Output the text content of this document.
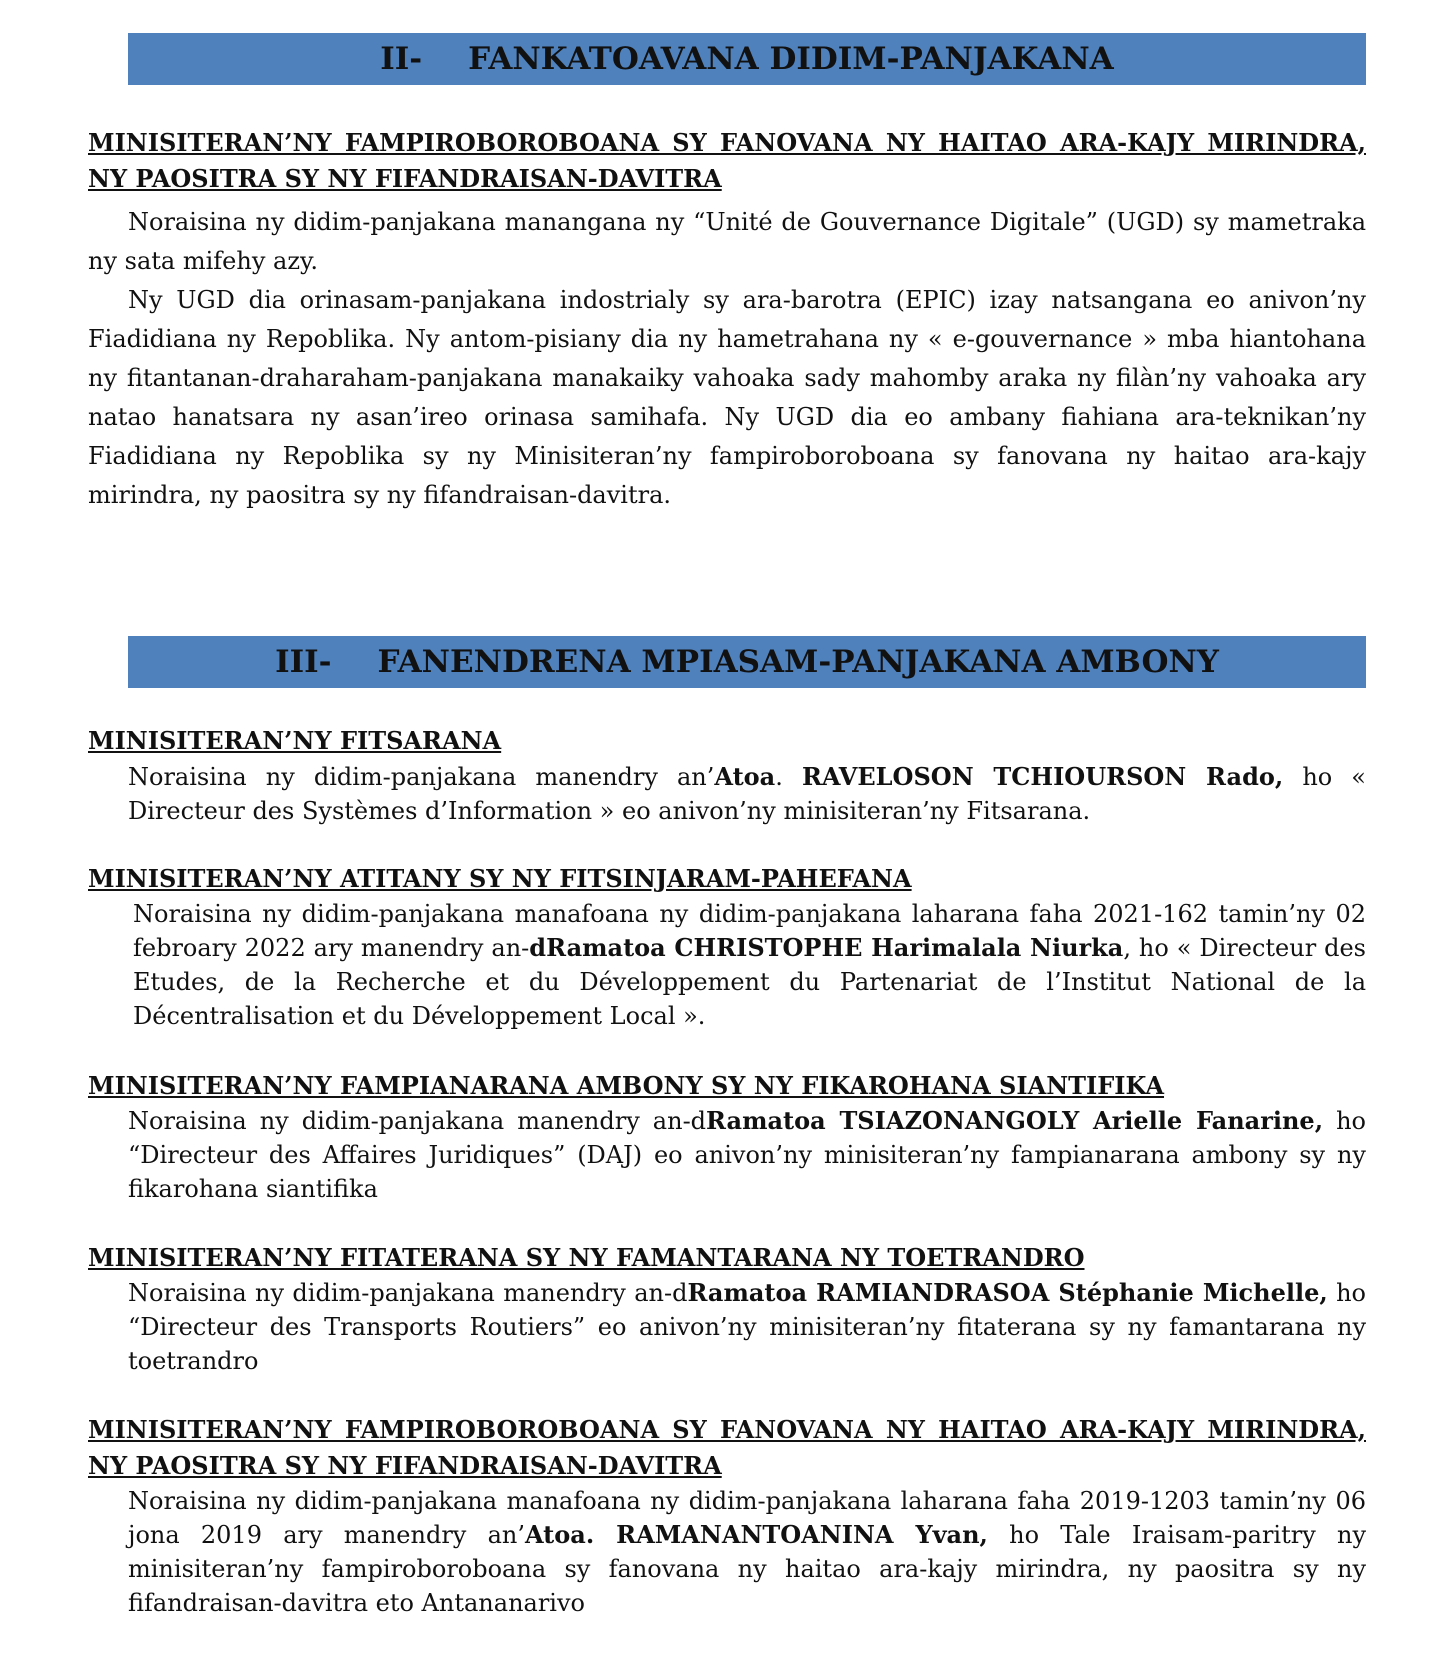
II- FANKATOAVANA DIDIM-PANJAKANA
MINISITERAN’NY FAMPIROBOROBOANA SY FANOVANA NY HAITAO ARA-KAJY MIRINDRA, NY PAOSITRA SY NY FIFANDRAISAN-DAVITRA

Noraisina ny didim-panjakana manangana ny “Unité de Gouvernance Digitale” (UGD) sy mametraka ny sata mifehy azy.

Ny UGD dia orinasam-panjakana indostrialy sy ara-barotra (EPIC) izay natsangana eo anivon’ny Fiadidiana ny Repoblika. Ny antom-pisiany dia ny hametrahana ny « e-gouvernance » mba hiantohana ny fitantanan-draharaham-panjakana manakaiky vahoaka sady mahomby araka ny filàn’ny vahoaka ary natao hanatsara ny asan’ireo orinasa samihafa. Ny UGD dia eo ambany fiahiana ara-teknikan’ny Fiadidiana ny Repoblika sy ny Minisiteran’ny fampiroboroboana sy fanovana ny haitao ara-kajy mirindra, ny paositra sy ny fifandraisan-davitra.

III- FANENDRENA MPIASAM-PANJAKANA AMBONY
MINISITERAN’NY FITSARANA

Noraisina ny didim-panjakana manendry an’Atoa. RAVELOSON TCHIOURSON Rado, ho « Directeur des Systèmes d’Information » eo anivon’ny minisiteran’ny Fitsarana.

MINISITERAN’NY ATITANY SY NY FITSINJARAM-PAHEFANA

Noraisina ny didim-panjakana manafoana ny didim-panjakana laharana faha 2021-162 tamin’ny 02 febroary 2022 ary manendry an-dRamatoa CHRISTOPHE Harimalala Niurka, ho « Directeur des Etudes, de la Recherche et du Développement du Partenariat de l’Institut National de la Décentralisation et du Développement Local ».

MINISITERAN’NY FAMPIANARANA AMBONY SY NY FIKAROHANA SIANTIFIKA

Noraisina ny didim-panjakana manendry an-dRamatoa TSIAZONANGOLY Arielle Fanarine, ho “Directeur des Affaires Juridiques” (DAJ) eo anivon’ny minisiteran’ny fampianarana ambony sy ny fikarohana siantifika

MINISITERAN’NY FITATERANA SY NY FAMANTARANA NY TOETRANDRO

Noraisina ny didim-panjakana manendry an-dRamatoa RAMIANDRASOA Stéphanie Michelle, ho “Directeur des Transports Routiers” eo anivon’ny minisiteran’ny fitaterana sy ny famantarana ny toetrandro

MINISITERAN’NY FAMPIROBOROBOANA SY FANOVANA NY HAITAO ARA-KAJY MIRINDRA, NY PAOSITRA SY NY FIFANDRAISAN-DAVITRA

Noraisina ny didim-panjakana manafoana ny didim-panjakana laharana faha 2019-1203 tamin’ny 06 jona 2019 ary manendry an’Atoa. RAMANANTOANINA Yvan, ho Tale Iraisam-paritry ny minisiteran’ny fampiroboroboana sy fanovana ny haitao ara-kajy mirindra, ny paositra sy ny fifandraisan-davitra eto Antananarivo
